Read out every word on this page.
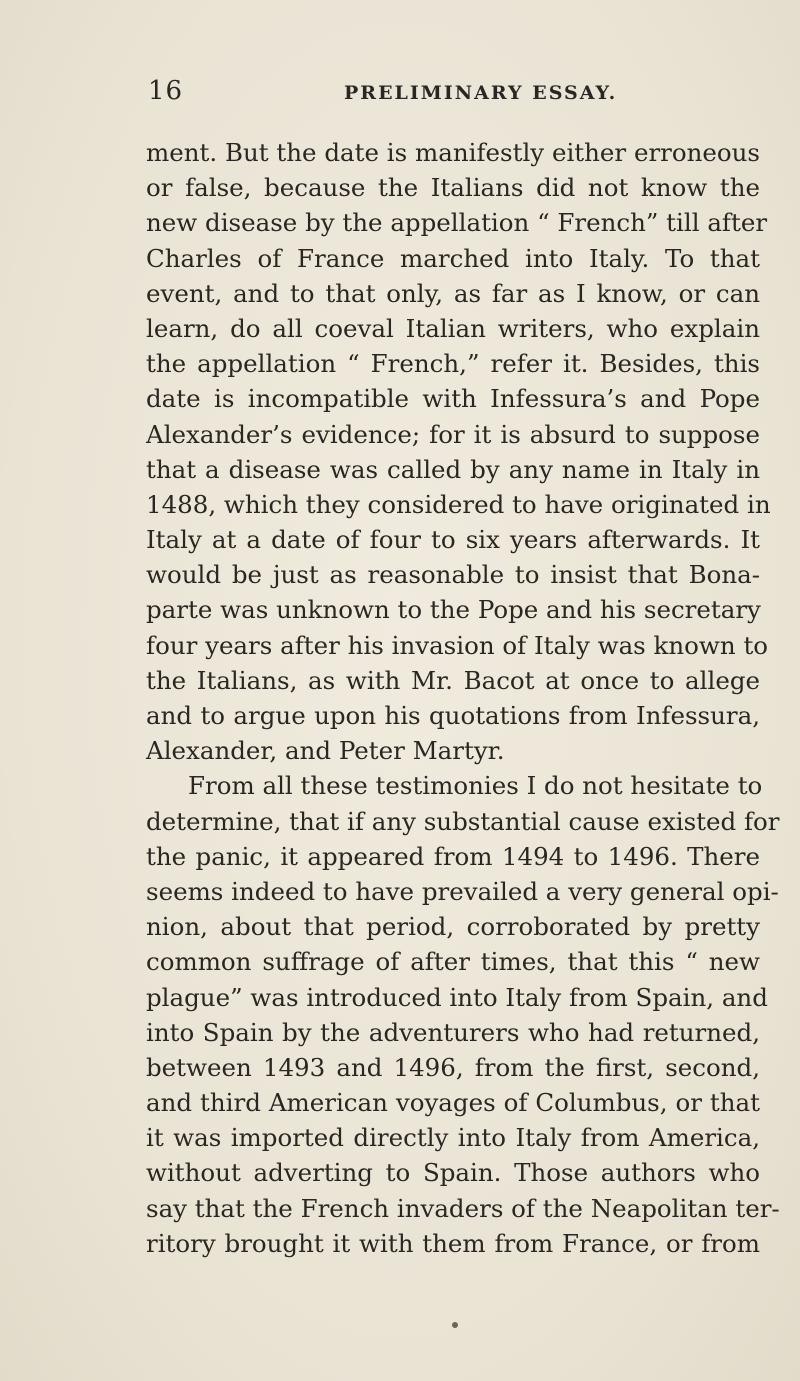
16	PRELIMINARY ESSAY.
ment. But the date is manifestly either erroneous
or false, because the Italians did not know the
new disease by the appellation “ French” till after
Charles of France marched into Italy. To that
event, and to that only, as far as I know, or can
learn, do all coeval Italian writers, who explain
the appellation “ French,” refer it. Besides, this
date is incompatible with Infessura’s and Pope
Alexander’s evidence; for it is absurd to suppose
that a disease was called by any name in Italy in
1488, which they considered to have originated in
Italy at a date of four to six years afterwards. It
would be just as reasonable to insist that Bona-
parte was unknown to the Pope and his secretary
four years after his invasion of Italy was known to
the Italians, as with Mr. Bacot at once to allege
and to argue upon his quotations from Infessura,
Alexander, and Peter Martyr.
From all these testimonies I do not hesitate to
determine, that if any substantial cause existed for
the panic, it appeared from 1494 to 1496. There
seems indeed to have prevailed a very general opi-
nion, about that period, corroborated by pretty
common suffrage of after times, that this “ new
plague” was introduced into Italy from Spain, and
into Spain by the adventurers who had returned,
between 1493 and 1496, from the first, second,
and third American voyages of Columbus, or that
it was imported directly into Italy from America,
without adverting to Spain. Those authors who
say that the French invaders of the Neapolitan ter-
ritory brought it with them from France, or from
